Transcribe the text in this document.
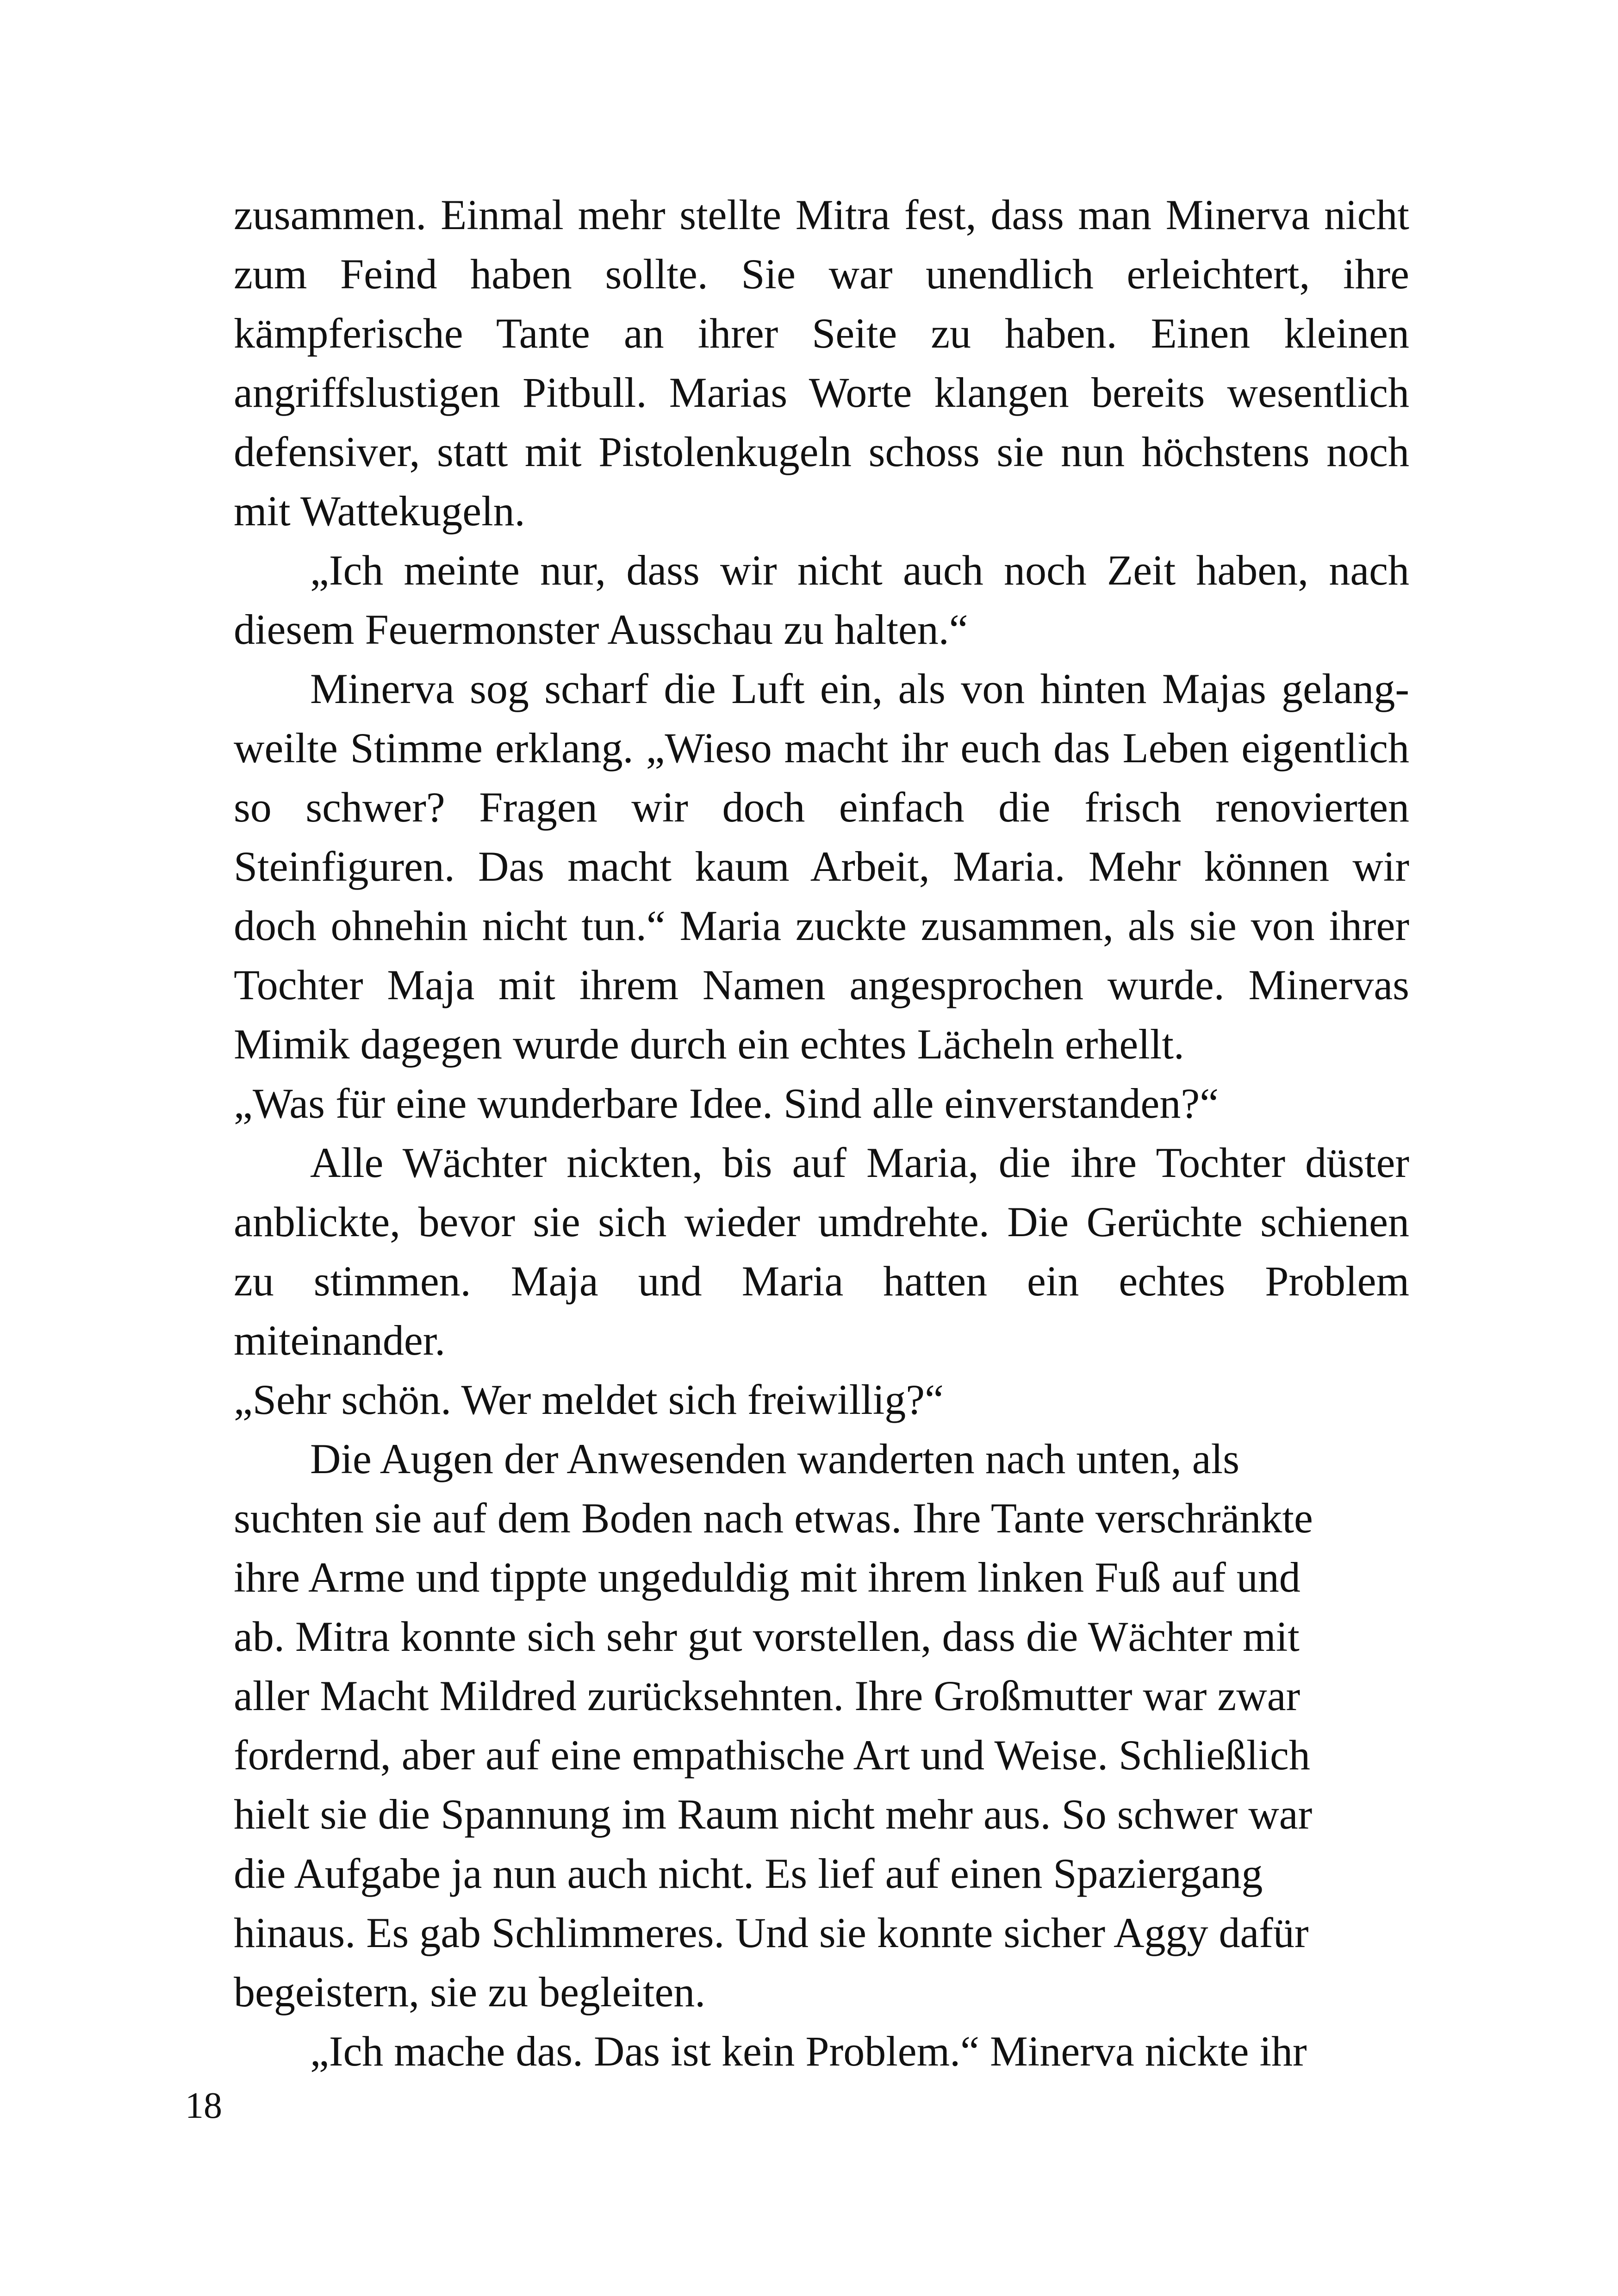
zusammen. Einmal mehr stellte Mitra fest, dass man Minerva nicht
zum Feind haben sollte. Sie war unendlich erleichtert, ihre
kämpferische Tante an ihrer Seite zu haben. Einen kleinen
angriffslustigen Pitbull. Marias Worte klangen bereits wesentlich
defensiver, statt mit Pistolenkugeln schoss sie nun höchstens noch
mit Wattekugeln.
„Ich meinte nur, dass wir nicht auch noch Zeit haben, nach
diesem Feuermonster Ausschau zu halten.“
Minerva sog scharf die Luft ein, als von hinten Majas gelang-
weilte Stimme erklang. „Wieso macht ihr euch das Leben eigentlich
so schwer? Fragen wir doch einfach die frisch renovierten
Steinfiguren. Das macht kaum Arbeit, Maria. Mehr können wir
doch ohnehin nicht tun.“ Maria zuckte zusammen, als sie von ihrer
Tochter Maja mit ihrem Namen angesprochen wurde. Minervas
Mimik dagegen wurde durch ein echtes Lächeln erhellt.
„Was für eine wunderbare Idee. Sind alle einverstanden?“
Alle Wächter nickten, bis auf Maria, die ihre Tochter düster
anblickte, bevor sie sich wieder umdrehte. Die Gerüchte schienen
zu stimmen. Maja und Maria hatten ein echtes Problem
miteinander.
„Sehr schön. Wer meldet sich freiwillig?“
Die Augen der Anwesenden wanderten nach unten, als
suchten sie auf dem Boden nach etwas. Ihre Tante verschränkte
ihre Arme und tippte ungeduldig mit ihrem linken Fuß auf und
ab. Mitra konnte sich sehr gut vorstellen, dass die Wächter mit
aller Macht Mildred zurücksehnten. Ihre Großmutter war zwar
fordernd, aber auf eine empathische Art und Weise. Schließlich
hielt sie die Spannung im Raum nicht mehr aus. So schwer war
die Aufgabe ja nun auch nicht. Es lief auf einen Spaziergang
hinaus. Es gab Schlimmeres. Und sie konnte sicher Aggy dafür
begeistern, sie zu begleiten.
„Ich mache das. Das ist kein Problem.“ Minerva nickte ihr
18
